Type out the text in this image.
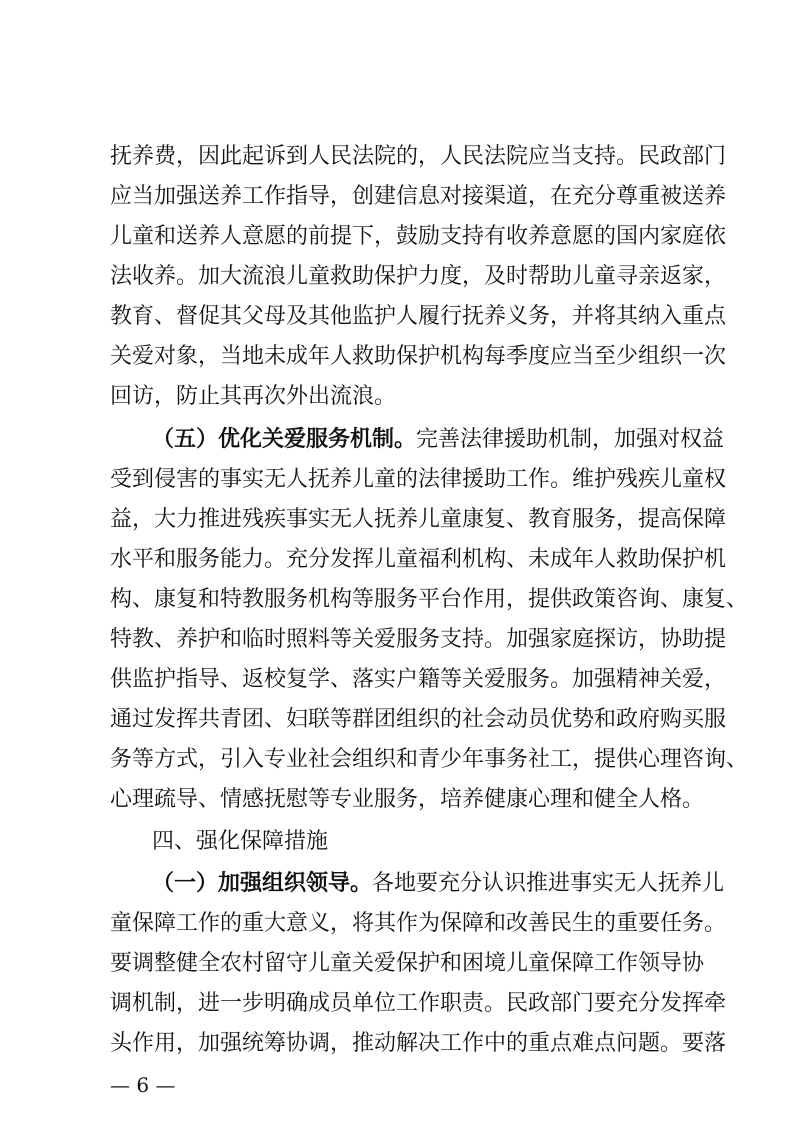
抚养费，因此起诉到人民法院的，人民法院应当支持。民政部门
应当加强送养工作指导，创建信息对接渠道，在充分尊重被送养
儿童和送养人意愿的前提下，鼓励支持有收养意愿的国内家庭依
法收养。加大流浪儿童救助保护力度，及时帮助儿童寻亲返家，
教育、督促其父母及其他监护人履行抚养义务，并将其纳入重点
关爱对象，当地未成年人救助保护机构每季度应当至少组织一次
回访，防止其再次外出流浪。
（五）优化关爱服务机制。完善法律援助机制，加强对权益
受到侵害的事实无人抚养儿童的法律援助工作。维护残疾儿童权
益，大力推进残疾事实无人抚养儿童康复、教育服务，提高保障
水平和服务能力。充分发挥儿童福利机构、未成年人救助保护机
构、康复和特教服务机构等服务平台作用，提供政策咨询、康复、
特教、养护和临时照料等关爱服务支持。加强家庭探访，协助提
供监护指导、返校复学、落实户籍等关爱服务。加强精神关爱，
通过发挥共青团、妇联等群团组织的社会动员优势和政府购买服
务等方式，引入专业社会组织和青少年事务社工，提供心理咨询、
心理疏导、情感抚慰等专业服务，培养健康心理和健全人格。
四、强化保障措施
（一）加强组织领导。各地要充分认识推进事实无人抚养儿
童保障工作的重大意义，将其作为保障和改善民生的重要任务。
要调整健全农村留守儿童关爱保护和困境儿童保障工作领导协
调机制，进一步明确成员单位工作职责。民政部门要充分发挥牵
头作用，加强统筹协调，推动解决工作中的重点难点问题。要落
— 6 —
